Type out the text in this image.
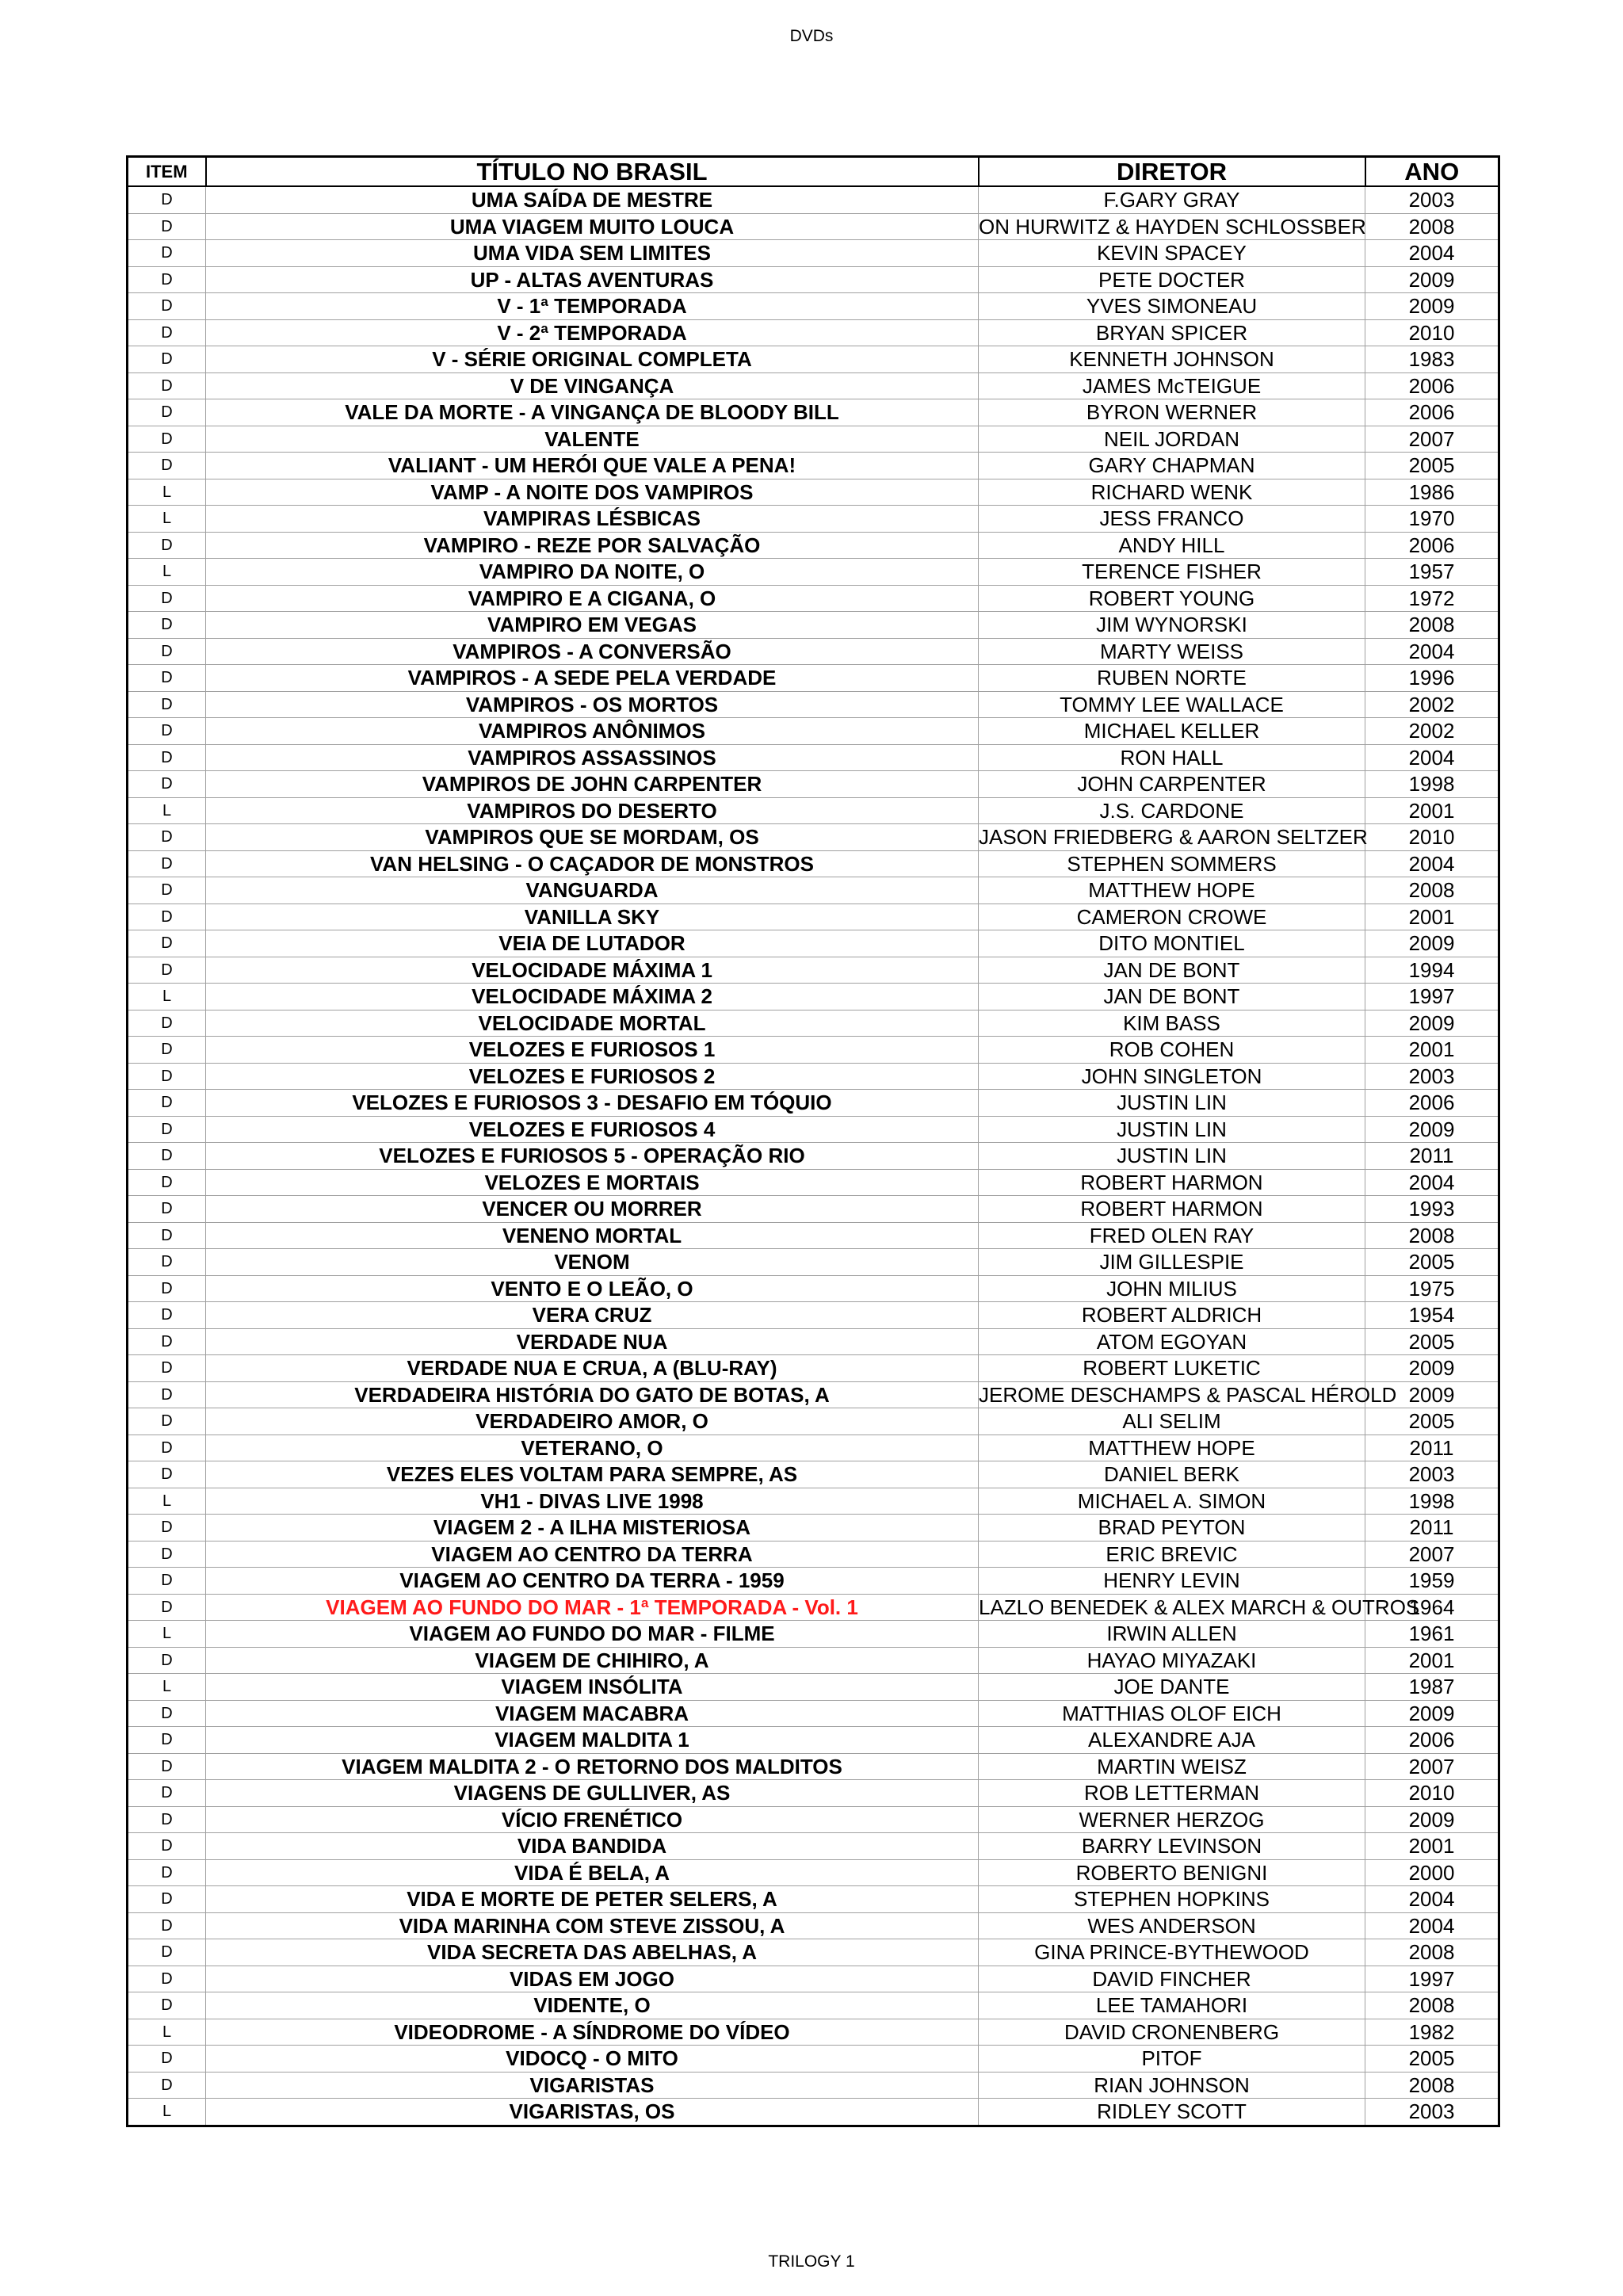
DVDs
ITEM	TÍTULO NO BRASIL	DIRETOR	ANO
D	UMA SAÍDA DE MESTRE	F.GARY GRAY	2003
D	UMA VIAGEM MUITO LOUCA	ON HURWITZ & HAYDEN SCHLOSSBER	2008
D	UMA VIDA SEM LIMITES	KEVIN SPACEY	2004
D	UP - ALTAS AVENTURAS	PETE DOCTER	2009
D	V - 1ª TEMPORADA	YVES SIMONEAU	2009
D	V - 2ª TEMPORADA	BRYAN SPICER	2010
D	V - SÉRIE ORIGINAL COMPLETA	KENNETH JOHNSON	1983
D	V DE VINGANÇA	JAMES McTEIGUE	2006
D	VALE DA MORTE - A VINGANÇA DE BLOODY BILL	BYRON WERNER	2006
D	VALENTE	NEIL JORDAN	2007
D	VALIANT - UM HERÓI QUE VALE A PENA!	GARY CHAPMAN	2005
L	VAMP - A NOITE DOS VAMPIROS	RICHARD WENK	1986
L	VAMPIRAS LÉSBICAS	JESS FRANCO	1970
D	VAMPIRO - REZE POR SALVAÇÃO	ANDY HILL	2006
L	VAMPIRO DA NOITE, O	TERENCE FISHER	1957
D	VAMPIRO E A CIGANA, O	ROBERT YOUNG	1972
D	VAMPIRO EM VEGAS	JIM WYNORSKI	2008
D	VAMPIROS - A CONVERSÃO	MARTY WEISS	2004
D	VAMPIROS - A SEDE PELA VERDADE	RUBEN NORTE	1996
D	VAMPIROS - OS MORTOS	TOMMY LEE WALLACE	2002
D	VAMPIROS ANÔNIMOS	MICHAEL KELLER	2002
D	VAMPIROS ASSASSINOS	RON HALL	2004
D	VAMPIROS DE JOHN CARPENTER	JOHN CARPENTER	1998
L	VAMPIROS DO DESERTO	J.S. CARDONE	2001
D	VAMPIROS QUE SE MORDAM, OS	JASON FRIEDBERG & AARON SELTZER	2010
D	VAN HELSING - O CAÇADOR DE MONSTROS	STEPHEN SOMMERS	2004
D	VANGUARDA	MATTHEW HOPE	2008
D	VANILLA SKY	CAMERON CROWE	2001
D	VEIA DE LUTADOR	DITO MONTIEL	2009
D	VELOCIDADE MÁXIMA 1	JAN DE BONT	1994
L	VELOCIDADE MÁXIMA 2	JAN DE BONT	1997
D	VELOCIDADE MORTAL	KIM BASS	2009
D	VELOZES E FURIOSOS 1	ROB COHEN	2001
D	VELOZES E FURIOSOS 2	JOHN SINGLETON	2003
D	VELOZES E FURIOSOS 3 - DESAFIO EM TÓQUIO	JUSTIN LIN	2006
D	VELOZES E FURIOSOS 4	JUSTIN LIN	2009
D	VELOZES E FURIOSOS 5 - OPERAÇÃO RIO	JUSTIN LIN	2011
D	VELOZES E MORTAIS	ROBERT HARMON	2004
D	VENCER OU MORRER	ROBERT HARMON	1993
D	VENENO MORTAL	FRED OLEN RAY	2008
D	VENOM	JIM GILLESPIE	2005
D	VENTO E O LEÃO, O	JOHN MILIUS	1975
D	VERA CRUZ	ROBERT ALDRICH	1954
D	VERDADE NUA	ATOM EGOYAN	2005
D	VERDADE NUA E CRUA, A (BLU-RAY)	ROBERT LUKETIC	2009
D	VERDADEIRA HISTÓRIA DO GATO DE BOTAS, A	JEROME DESCHAMPS & PASCAL HÉROLD	2009
D	VERDADEIRO AMOR, O	ALI SELIM	2005
D	VETERANO, O	MATTHEW HOPE	2011
D	VEZES ELES VOLTAM PARA SEMPRE, AS	DANIEL BERK	2003
L	VH1 - DIVAS LIVE 1998	MICHAEL A. SIMON	1998
D	VIAGEM 2 - A ILHA MISTERIOSA	BRAD PEYTON	2011
D	VIAGEM AO CENTRO DA TERRA	ERIC BREVIC	2007
D	VIAGEM AO CENTRO DA TERRA - 1959	HENRY LEVIN	1959
D	VIAGEM AO FUNDO DO MAR - 1ª TEMPORADA - Vol. 1	LAZLO BENEDEK & ALEX MARCH & OUTROS	1964
L	VIAGEM AO FUNDO DO MAR - FILME	IRWIN ALLEN	1961
D	VIAGEM DE CHIHIRO, A	HAYAO MIYAZAKI	2001
L	VIAGEM INSÓLITA	JOE DANTE	1987
D	VIAGEM MACABRA	MATTHIAS OLOF EICH	2009
D	VIAGEM MALDITA 1	ALEXANDRE AJA	2006
D	VIAGEM MALDITA 2 - O RETORNO DOS MALDITOS	MARTIN WEISZ	2007
D	VIAGENS DE GULLIVER, AS	ROB LETTERMAN	2010
D	VÍCIO FRENÉTICO	WERNER HERZOG	2009
D	VIDA BANDIDA	BARRY LEVINSON	2001
D	VIDA É BELA, A	ROBERTO BENIGNI	2000
D	VIDA E MORTE DE PETER SELERS, A	STEPHEN HOPKINS	2004
D	VIDA MARINHA COM STEVE ZISSOU, A	WES ANDERSON	2004
D	VIDA SECRETA DAS ABELHAS, A	GINA PRINCE-BYTHEWOOD	2008
D	VIDAS EM JOGO	DAVID FINCHER	1997
D	VIDENTE, O	LEE TAMAHORI	2008
L	VIDEODROME - A SÍNDROME DO VÍDEO	DAVID CRONENBERG	1982
D	VIDOCQ - O MITO	PITOF	2005
D	VIGARISTAS	RIAN JOHNSON	2008
L	VIGARISTAS, OS	RIDLEY SCOTT	2003
TRILOGY 1
